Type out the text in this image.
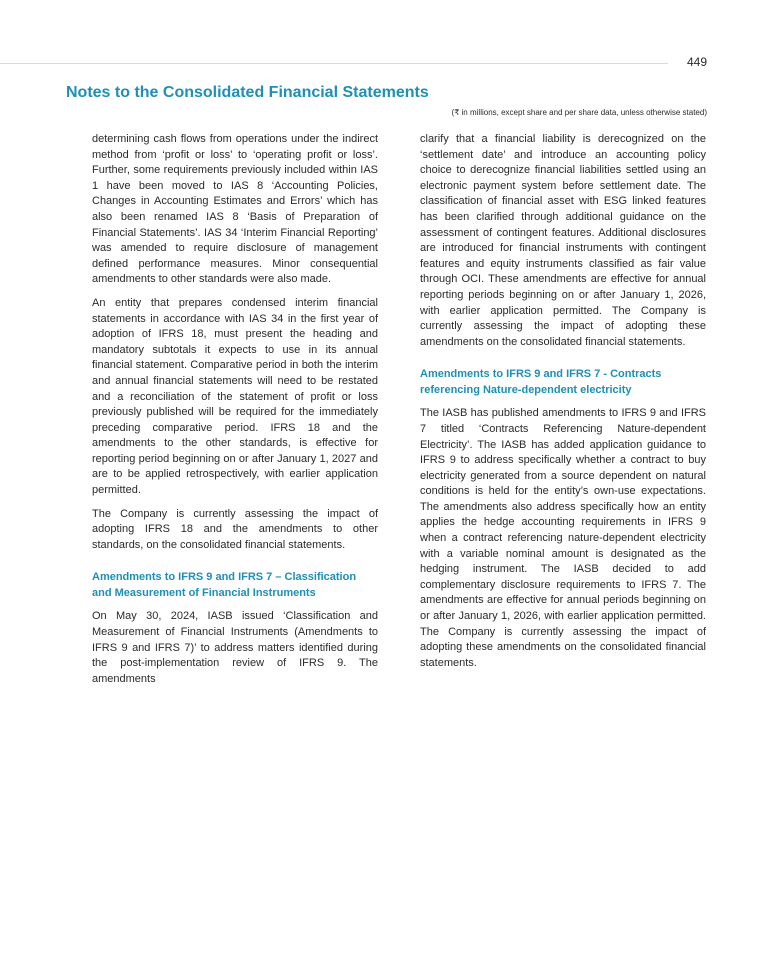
449
Notes to the Consolidated Financial Statements
(₹ in millions, except share and per share data, unless otherwise stated)

determining cash flows from operations under the indirect method from ‘profit or loss’ to ‘operating profit or loss’. Further, some requirements previously included within IAS 1 have been moved to IAS 8 ‘Accounting Policies, Changes in Accounting Estimates and Errors’ which has also been renamed IAS 8 ‘Basis of Preparation of Financial Statements’. IAS 34 ‘Interim Financial Reporting’ was amended to require disclosure of management defined performance measures. Minor consequential amendments to other standards were also made.

An entity that prepares condensed interim financial statements in accordance with IAS 34 in the first year of adoption of IFRS 18, must present the heading and mandatory subtotals it expects to use in its annual financial statement. Comparative period in both the interim and annual financial statements will need to be restated and a reconciliation of the statement of profit or loss previously published will be required for the immediately preceding comparative period. IFRS 18 and the amendments to the other standards, is effective for reporting period beginning on or after January 1, 2027 and are to be applied retrospectively, with earlier application permitted.

The Company is currently assessing the impact of adopting IFRS 18 and the amendments to other standards, on the consolidated financial statements.

Amendments to IFRS 9 and IFRS 7 – Classification and Measurement of Financial Instruments

On May 30, 2024, IASB issued ‘Classification and Measurement of Financial Instruments (Amendments to IFRS 9 and IFRS 7)’ to address matters identified during the post-implementation review of IFRS 9. The amendments

clarify that a financial liability is derecognized on the ‘settlement date’ and introduce an accounting policy choice to derecognize financial liabilities settled using an electronic payment system before settlement date. The classification of financial asset with ESG linked features has been clarified through additional guidance on the assessment of contingent features. Additional disclosures are introduced for financial instruments with contingent features and equity instruments classified as fair value through OCI. These amendments are effective for annual reporting periods beginning on or after January 1, 2026, with earlier application permitted. The Company is currently assessing the impact of adopting these amendments on the consolidated financial statements.

Amendments to IFRS 9 and IFRS 7 - Contracts referencing Nature-dependent electricity

The IASB has published amendments to IFRS 9 and IFRS 7 titled ‘Contracts Referencing Nature-dependent Electricity’. The IASB has added application guidance to IFRS 9 to address specifically whether a contract to buy electricity generated from a source dependent on natural conditions is held for the entity’s own-use expectations. The amendments also address specifically how an entity applies the hedge accounting requirements in IFRS 9 when a contract referencing nature-dependent electricity with a variable nominal amount is designated as the hedging instrument. The IASB decided to add complementary disclosure requirements to IFRS 7. The amendments are effective for annual periods beginning on or after January 1, 2026, with earlier application permitted. The Company is currently assessing the impact of adopting these amendments on the consolidated financial statements.
